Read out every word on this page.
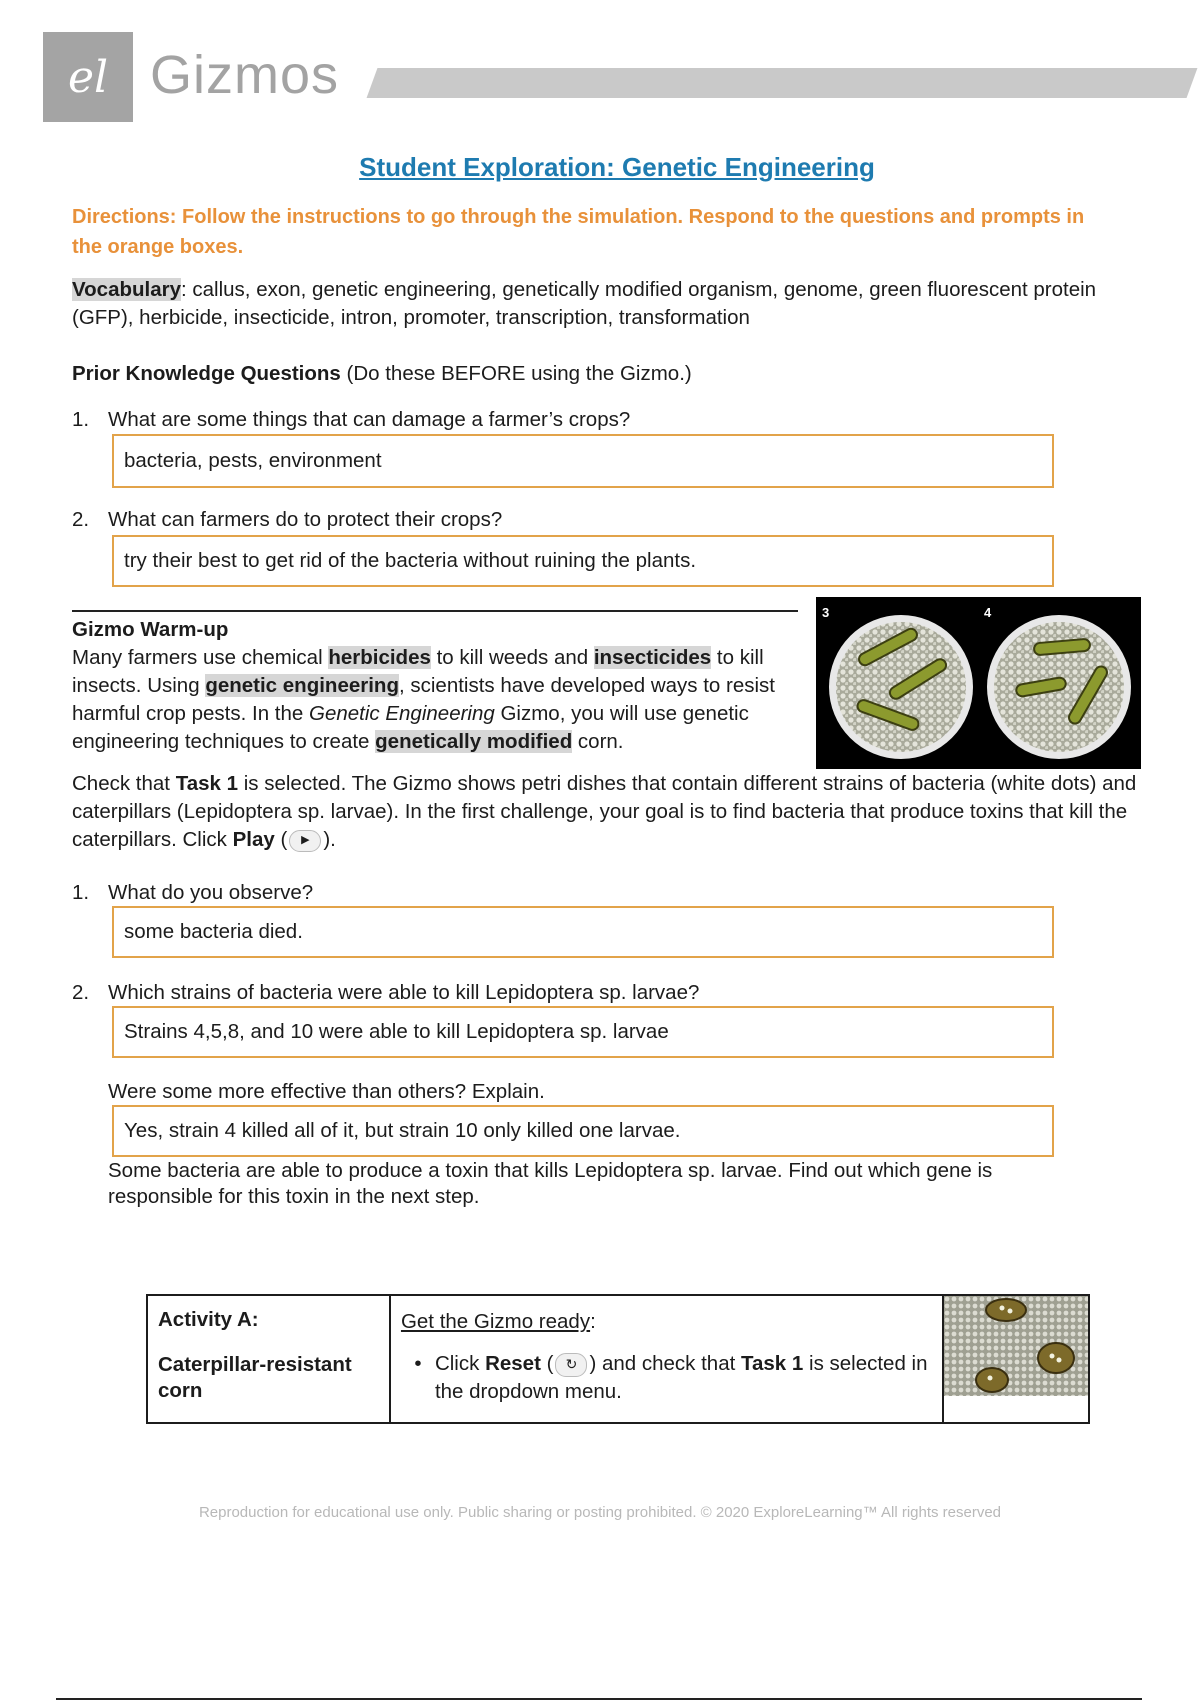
el Gizmos
Student Exploration: Genetic Engineering
Directions: Follow the instructions to go through the simulation. Respond to the questions and prompts in the orange boxes.
Vocabulary: callus, exon, genetic engineering, genetically modified organism, genome, green fluorescent protein (GFP), herbicide, insecticide, intron, promoter, transcription, transformation
Prior Knowledge Questions (Do these BEFORE using the Gizmo.)
1. What are some things that can damage a farmer’s crops?
bacteria, pests, environment
2. What can farmers do to protect their crops?
try their best to get rid of the bacteria without ruining the plants.
Gizmo Warm-up
Many farmers use chemical herbicides to kill weeds and insecticides to kill insects. Using genetic engineering, scientists have developed ways to resist harmful crop pests. In the Genetic Engineering Gizmo, you will use genetic engineering techniques to create genetically modified corn.
3	4
Check that Task 1 is selected. The Gizmo shows petri dishes that contain different strains of bacteria (white dots) and caterpillars (Lepidoptera sp. larvae). In the first challenge, your goal is to find bacteria that produce toxins that kill the caterpillars. Click Play ( ▶ ).
1. What do you observe?
some bacteria died.
2. Which strains of bacteria were able to kill Lepidoptera sp. larvae?
Strains 4,5,8, and 10 were able to kill Lepidoptera sp. larvae
Were some more effective than others? Explain.
Yes, strain 4 killed all of it, but strain 10 only killed one larvae.
Some bacteria are able to produce a toxin that kills Lepidoptera sp. larvae. Find out which gene is responsible for this toxin in the next step.
Activity A:
Caterpillar-resistant corn	
Get the Gizmo ready:
• Click Reset ( ↻ ) and check that Task 1 is selected in the dropdown menu.

Reproduction for educational use only. Public sharing or posting prohibited. © 2020 ExploreLearning™ All rights reserved
